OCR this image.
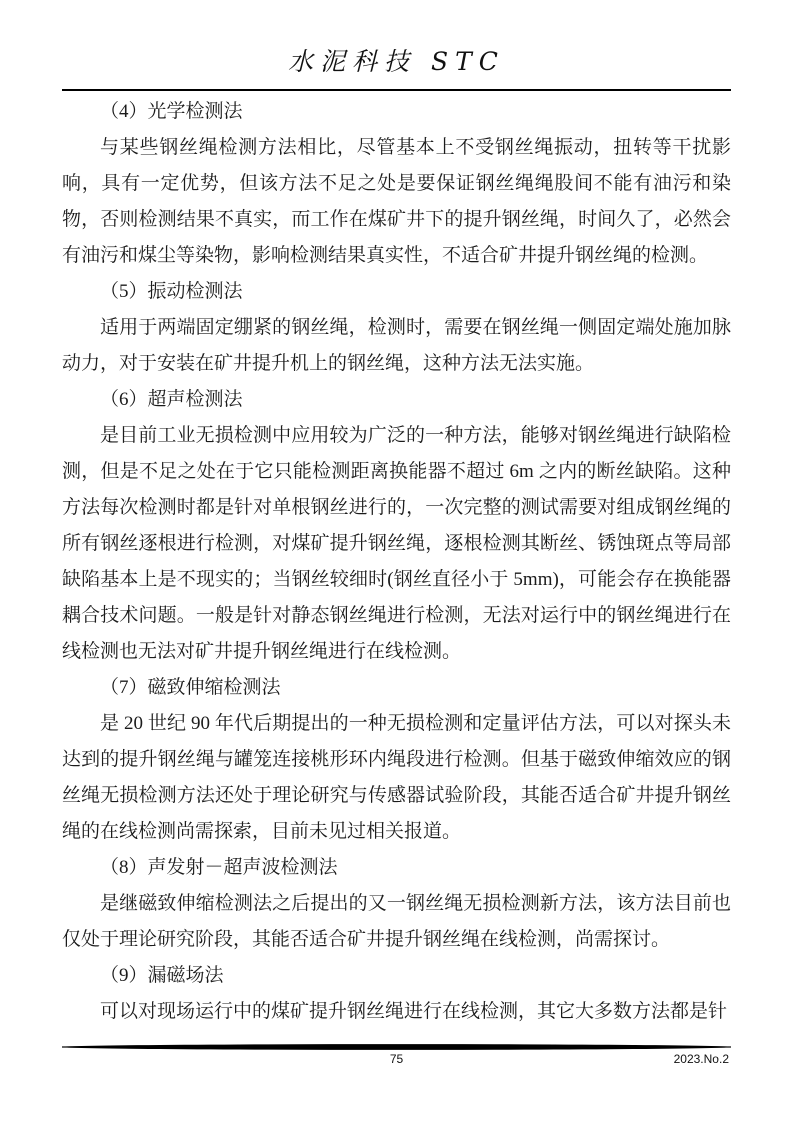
水泥科技 STC
（4）光学检测法

与某些钢丝绳检测方法相比，尽管基本上不受钢丝绳振动，扭转等干扰影响，具有一定优势，但该方法不足之处是要保证钢丝绳绳股间不能有油污和染物，否则检测结果不真实，而工作在煤矿井下的提升钢丝绳，时间久了，必然会有油污和煤尘等染物，影响检测结果真实性，不适合矿井提升钢丝绳的检测。

（5）振动检测法

适用于两端固定绷紧的钢丝绳，检测时，需要在钢丝绳一侧固定端处施加脉动力，对于安装在矿井提升机上的钢丝绳，这种方法无法实施。

（6）超声检测法

是目前工业无损检测中应用较为广泛的一种方法，能够对钢丝绳进行缺陷检测，但是不足之处在于它只能检测距离换能器不超过 6m 之内的断丝缺陷。这种方法每次检测时都是针对单根钢丝进行的，一次完整的测试需要对组成钢丝绳的所有钢丝逐根进行检测，对煤矿提升钢丝绳，逐根检测其断丝、锈蚀斑点等局部缺陷基本上是不现实的；当钢丝较细时(钢丝直径小于 5mm)，可能会存在换能器耦合技术问题。一般是针对静态钢丝绳进行检测，无法对运行中的钢丝绳进行在线检测也无法对矿井提升钢丝绳进行在线检测。

（7）磁致伸缩检测法

是 20 世纪 90 年代后期提出的一种无损检测和定量评估方法，可以对探头未达到的提升钢丝绳与罐笼连接桃形环内绳段进行检测。但基于磁致伸缩效应的钢丝绳无损检测方法还处于理论研究与传感器试验阶段，其能否适合矿井提升钢丝绳的在线检测尚需探索，目前未见过相关报道。

（8）声发射－超声波检测法

是继磁致伸缩检测法之后提出的又一钢丝绳无损检测新方法，该方法目前也仅处于理论研究阶段，其能否适合矿井提升钢丝绳在线检测，尚需探讨。

（9）漏磁场法

可以对现场运行中的煤矿提升钢丝绳进行在线检测，其它大多数方法都是针

75	2023.No.2
